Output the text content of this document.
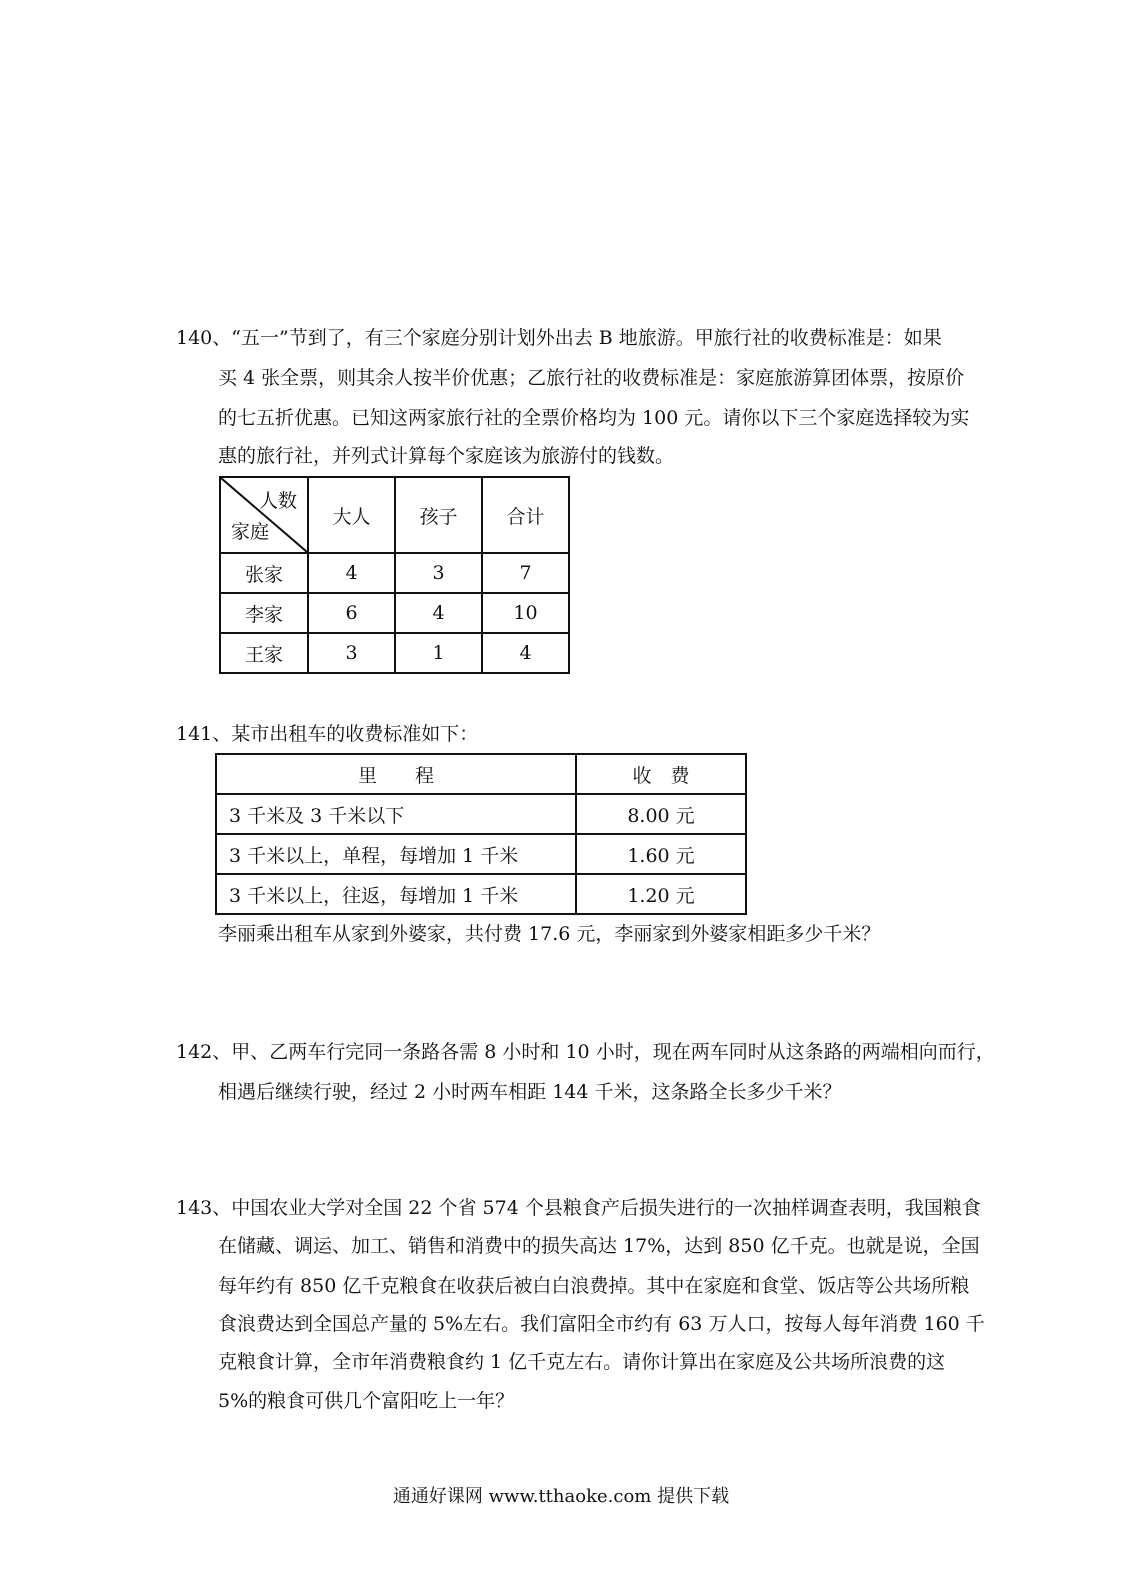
140、“五一”节到了，有三个家庭分别计划外出去 B 地旅游。甲旅行社的收费标准是：如果
买 4 张全票，则其余人按半价优惠；乙旅行社的收费标准是：家庭旅游算团体票，按原价
的七五折优惠。已知这两家旅行社的全票价格均为 100 元。请你以下三个家庭选择较为实
惠的旅行社，并列式计算每个家庭该为旅游付的钱数。
人数
家庭	大人	孩子	合计
张家	4	3	7
李家	6	4	10
王家	3	1	4
141、某市出租车的收费标准如下：
里　　程	收　费
3 千米及 3 千米以下	8.00 元
3 千米以上，单程，每增加 1 千米	1.60 元
3 千米以上，往返，每增加 1 千米	1.20 元
李丽乘出租车从家到外婆家，共付费 17.6 元，李丽家到外婆家相距多少千米？
142、甲、乙两车行完同一条路各需 8 小时和 10 小时，现在两车同时从这条路的两端相向而行，
相遇后继续行驶，经过 2 小时两车相距 144 千米，这条路全长多少千米？
143、中国农业大学对全国 22 个省 574 个县粮食产后损失进行的一次抽样调查表明，我国粮食
在储藏、调运、加工、销售和消费中的损失高达 17%，达到 850 亿千克。也就是说，全国
每年约有 850 亿千克粮食在收获后被白白浪费掉。其中在家庭和食堂、饭店等公共场所粮
食浪费达到全国总产量的 5%左右。我们富阳全市约有 63 万人口，按每人每年消费 160 千
克粮食计算，全市年消费粮食约 1 亿千克左右。请你计算出在家庭及公共场所浪费的这
5%的粮食可供几个富阳吃上一年？
通通好课网 www.tthaoke.com 提供下载
